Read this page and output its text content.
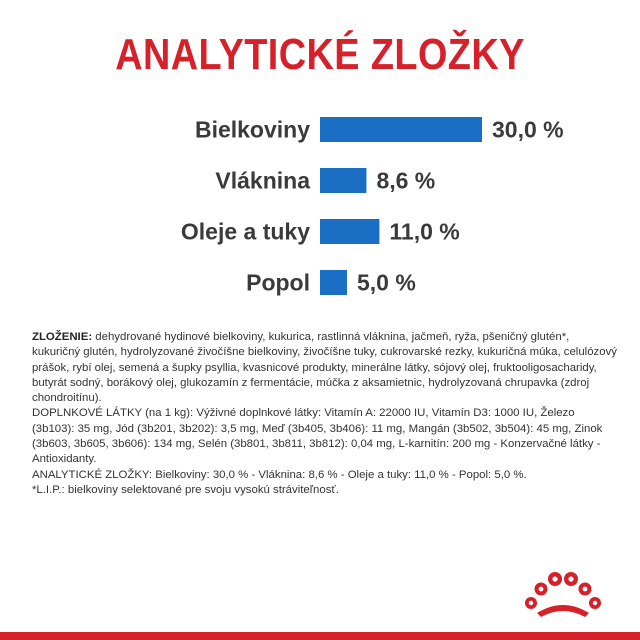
ANALYTICKÉ ZLOŽKY
Bielkoviny	30,0 %
Vláknina	8,6 %
Oleje a tuky	11,0 %
Popol 5,0 %

ZLOŽENIE: dehydrované hydinové bielkoviny, kukurica, rastlinná vláknina, jačmeň, ryža, pšeničný glutén*, kukuričný glutén, hydrolyzované živočíšne bielkoviny, živočíšne tuky, cukrovarské rezky, kukuričná múka, celulózový prášok, rybí olej, semená a šupky psyllia, kvasnicové produkty, minerálne látky, sójový olej, fruktooligosacharidy, butyrát sodný, borákový olej, glukozamín z fermentácie, múčka z aksamietnic, hydrolyzovaná chrupavka (zdroj chondroitínu).

DOPLNKOVÉ LÁTKY (na 1 kg): Výživné doplnkové látky: Vitamín A: 22000 IU, Vitamín D3: 1000 IU, Železo (3b103): 35 mg, Jód (3b201, 3b202): 3,5 mg, Meď (3b405, 3b406): 11 mg, Mangán (3b502, 3b504): 45 mg, Zinok (3b603, 3b605, 3b606): 134 mg, Selén (3b801, 3b811, 3b812): 0,04 mg, L-karnitín: 200 mg - Konzervačné látky - Antioxidanty.

ANALYTICKÉ ZLOŽKY: Bielkoviny: 30,0 % - Vláknina: 8,6 % - Oleje a tuky: 11,0 % - Popol: 5,0 %.

*L.I.P.: bielkoviny selektované pre svoju vysokú stráviteľnosť.
